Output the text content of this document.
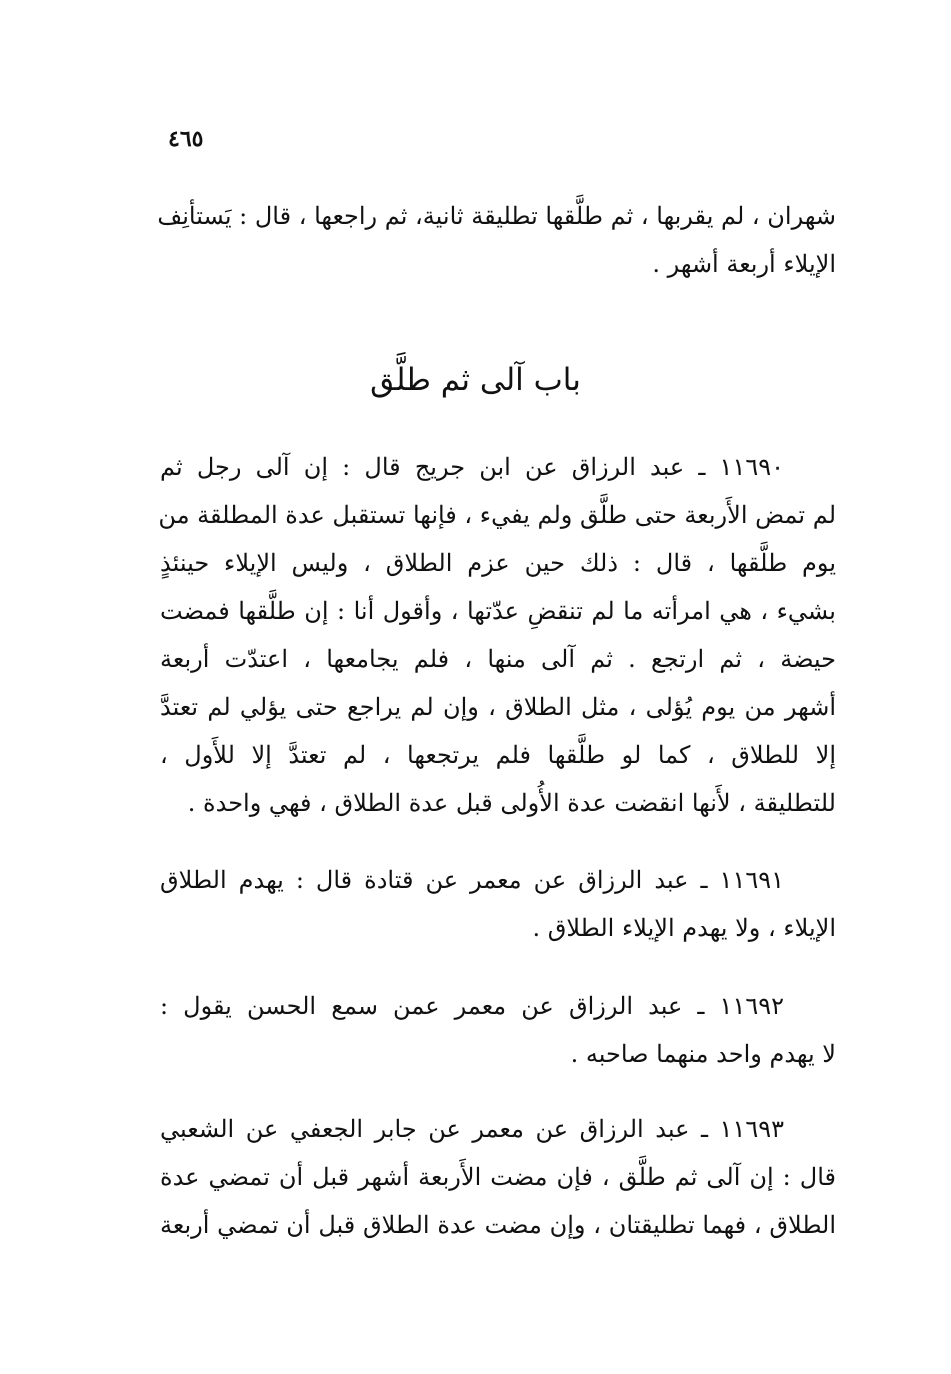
٤٦٥
شهران ، لم يقربها ، ثم طلَّقها تطليقة ثانية، ثم راجعها ، قال : يَستأنِف
الإيلاء أربعة أشهر .
باب آلى ثم طلَّق
١١٦٩٠ ـ عبد الرزاق عن ابن جريج قال : إن آلى رجل ثم
لم تمض الأَربعة حتى طلَّق ولم يفيء ، فإنها تستقبل عدة المطلقة من
يوم طلَّقها ، قال : ذلك حين عزم الطلاق ، وليس الإيلاء حينئذٍ
بشيء ، هي امرأته ما لم تنقضِ عدّتها ، وأقول أنا : إن طلَّقها فمضت
حيضة ، ثم ارتجع . ثم آلى منها ، فلم يجامعها ، اعتدّت أربعة
أشهر من يوم يُؤلى ، مثل الطلاق ، وإن لم يراجع حتى يؤلي لم تعتدَّ
إلا للطلاق ، كما لو طلَّقها فلم يرتجعها ، لم تعتدَّ إلا للأَول ،
للتطليقة ، لأَنها انقضت عدة الأُولى قبل عدة الطلاق ، فهي واحدة .
١١٦٩١ ـ عبد الرزاق عن معمر عن قتادة قال : يهدم الطلاق
الإيلاء ، ولا يهدم الإيلاء الطلاق .
١١٦٩٢ ـ عبد الرزاق عن معمر عمن سمع الحسن يقول :
لا يهدم واحد منهما صاحبه .
١١٦٩٣ ـ عبد الرزاق عن معمر عن جابر الجعفي عن الشعبي
قال : إن آلى ثم طلَّق ، فإن مضت الأَربعة أشهر قبل أن تمضي عدة
الطلاق ، فهما تطليقتان ، وإن مضت عدة الطلاق قبل أن تمضي أربعة
